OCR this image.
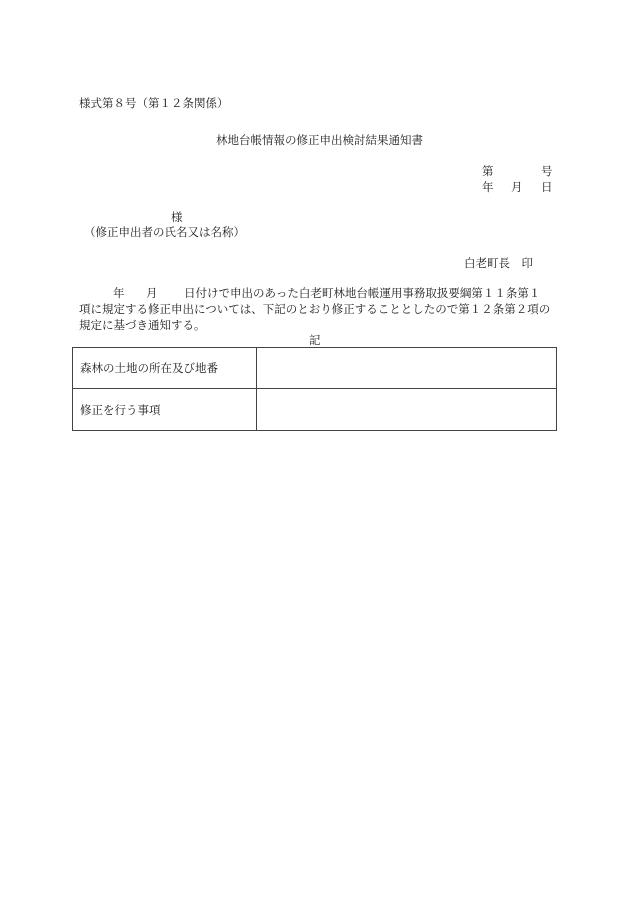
様式第８号（第１２条関係）
林地台帳情報の修正申出検討結果通知書
第	号
年 月 日
様
（修正申出者の氏名又は名称）
白老町長　印
年 月 日付けで申出のあった白老町林地台帳運用事務取扱要綱第１１条第１
項に規定する修正申出については、下記のとおり修正することとしたので第１２条第２項の
規定に基づき通知する。
記
森林の土地の所在及び地番	
修正を行う事項	
